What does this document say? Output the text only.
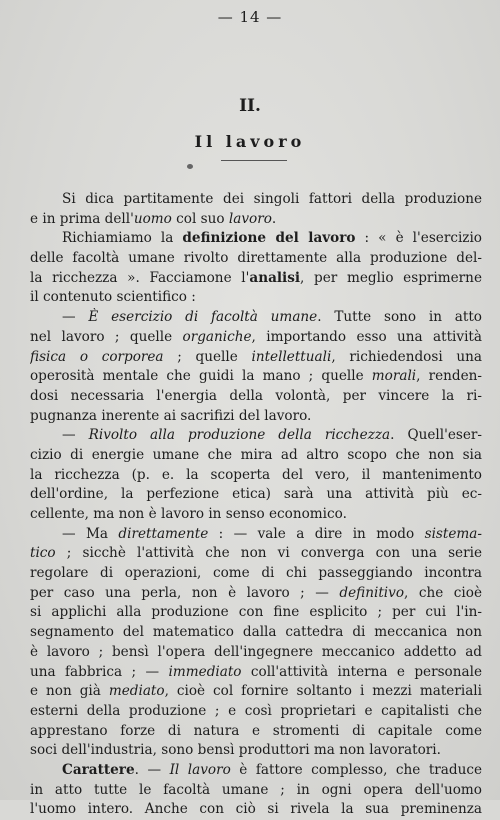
— 14 —
II.
Il lavoro
Si dica partitamente dei singoli fattori della produzione
e in prima dell'uomo col suo lavoro.
Richiamiamo la definizione del lavoro : « è l'esercizio
delle facoltà umane rivolto direttamente alla produzione del-
la ricchezza ». Facciamone l'analisi, per meglio esprimerne
il contenuto scientifico :
— È esercizio di facoltà umane. Tutte sono in atto
nel lavoro ; quelle organiche, importando esso una attività
fisica o corporea ; quelle intellettuali, richiedendosi una
operosità mentale che guidi la mano ; quelle morali, renden-
dosi necessaria l'energia della volontà, per vincere la ri-
pugnanza inerente ai sacrifizi del lavoro.
— Rivolto alla produzione della ricchezza. Quell'eser-
cizio di energie umane che mira ad altro scopo che non sia
la ricchezza (p. e. la scoperta del vero, il mantenimento
dell'ordine, la perfezione etica) sarà una attività più ec-
cellente, ma non è lavoro in senso economico.
— Ma direttamente : — vale a dire in modo sistema-
tico ; sicchè l'attività che non vi converga con una serie
regolare di operazioni, come di chi passeggiando incontra
per caso una perla, non è lavoro ; — definitivo, che cioè
si applichi alla produzione con fine esplicito ; per cui l'in-
segnamento del matematico dalla cattedra di meccanica non
è lavoro ; bensì l'opera dell'ingegnere meccanico addetto ad
una fabbrica ; — immediato coll'attività interna e personale
e non già mediato, cioè col fornire soltanto i mezzi materiali
esterni della produzione ; e così proprietari e capitalisti che
apprestano forze di natura e stromenti di capitale come
soci dell'industria, sono bensì produttori ma non lavoratori.
Carattere. — Il lavoro è fattore complesso, che traduce
in atto tutte le facoltà umane ; in ogni opera dell'uomo
l'uomo intero. Anche con ciò si rivela la sua preminenza
